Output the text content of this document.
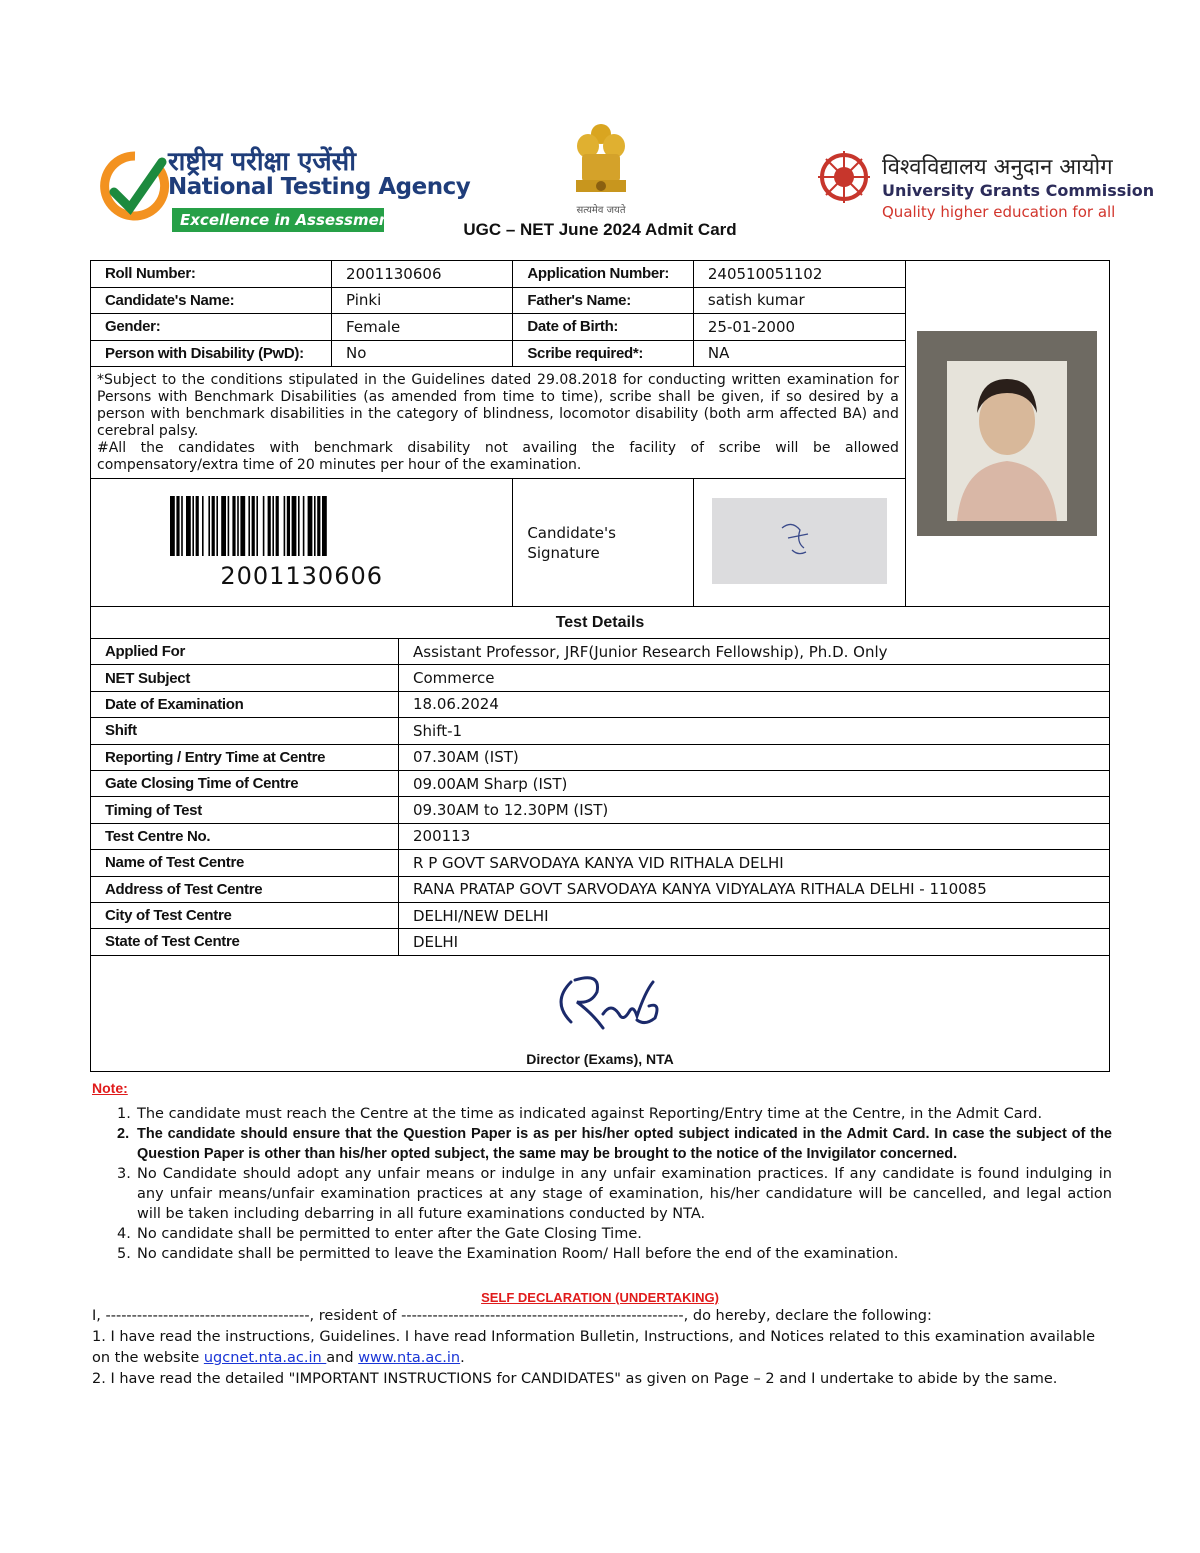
राष्ट्रीय परीक्षा एजेंसी
National Testing Agency
Excellence in Assessment
सत्यमेव जयते
विश्वविद्यालय अनुदान आयोग
University Grants Commission
Quality higher education for all
UGC – NET June 2024 Admit Card
Roll Number:	2001130606	Application Number:	240510051102	

Candidate's Name:	Pinki	Father's Name:	satish kumar	
Gender:	Female	Date of Birth:	25-01-2000	
Person with Disability (PwD):	No	Scribe required*:	NA	

*Subject to the conditions stipulated in the Guidelines dated 29.08.2018 for conducting written examination for Persons with Benchmark Disabilities (as amended from time to time), scribe shall be given, if so desired by a person with benchmark disabilities in the category of blindness, locomotor disability (both arm affected BA) and cerebral palsy.
#All the candidates with benchmark disability not availing the facility of scribe will be allowed compensatory/extra time of 20 minutes per hour of the examination.				

2001130606		Candidate's Signature	

Test Details	
Applied For	Assistant Professor, JRF(Junior Research Fellowship), Ph.D. Only
NET Subject	Commerce
Date of Examination	18.06.2024
Shift	Shift-1
Reporting / Entry Time at Centre	07.30AM (IST)
Gate Closing Time of Centre	09.00AM Sharp (IST)
Timing of Test	09.30AM to 12.30PM (IST)
Test Centre No.	200113
Name of Test Centre	R P GOVT SARVODAYA KANYA VID RITHALA DELHI
Address of Test Centre	RANA PRATAP GOVT SARVODAYA KANYA VIDYALAYA RITHALA DELHI - 110085
City of Test Centre	DELHI/NEW DELHI
State of Test Centre	DELHI
Director (Exams), NTA
Note:
1. The candidate must reach the Centre at the time as indicated against Reporting/Entry time at the Centre, in the Admit Card.
2. The candidate should ensure that the Question Paper is as per his/her opted subject indicated in the Admit Card. In case the subject of the Question Paper is other than his/her opted subject, the same may be brought to the notice of the Invigilator concerned.
3. No Candidate should adopt any unfair means or indulge in any unfair examination practices. If any candidate is found indulging in any unfair means/unfair examination practices at any stage of examination, his/her candidature will be cancelled, and legal action will be taken including debarring in all future examinations conducted by NTA.
4. No candidate shall be permitted to enter after the Gate Closing Time.
5. No candidate shall be permitted to leave the Examination Room/ Hall before the end of the examination.
SELF DECLARATION (UNDERTAKING)

I, ---------------------------------------, resident of ------------------------------------------------------, do hereby, declare the following:

1. I have read the instructions, Guidelines. I have read Information Bulletin, Instructions, and Notices related to this examination available on the website ugcnet.nta.ac.in and www.nta.ac.in.

2. I have read the detailed "IMPORTANT INSTRUCTIONS for CANDIDATES" as given on Page – 2 and I undertake to abide by the same.
